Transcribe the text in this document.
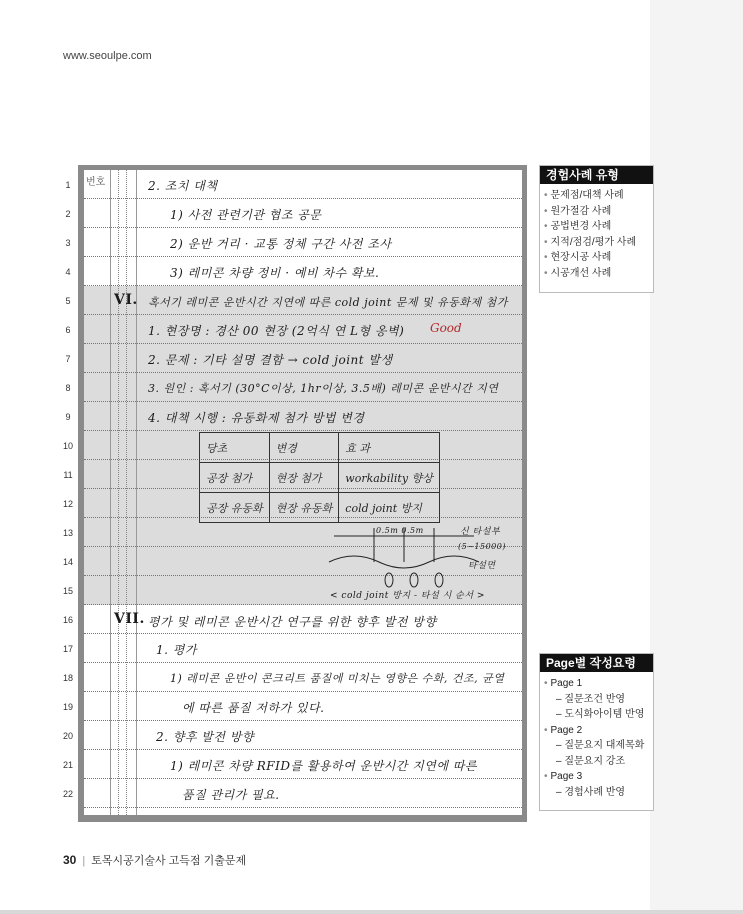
www.seoulpe.com
1
2
3
4
5
6
7
8
9
10
11
12
13
14
15
16
17
18
19
20
21
22
번호	2. 조치 대책
1) 사전 관련기관 협조 공문
2) 운반 거리 · 교통 정체 구간 사전 조사
3) 레미콘 차량 정비 · 예비 차수 확보.
VI. 혹서기 레미콘 운반시간 지연에 따른 cold joint 문제 및 유동화제 첨가
1. 현장명 : 경산 00 현장 (2억식 연 L형 옹벽) Good
2. 문제 : 기타 설명 결함 → cold joint 발생
3. 원인 : 혹서기 (30°C이상, 1hr이상, 3.5배) 레미콘 운반시간 지연
4. 대책 시행 : 유동화제 첨가 방법 변경
당초	변경	효 과
공장 첨가	현장 첨가	workability 향상
공장 유동화	현장 유동화	cold joint 방지
0.5m 0.5m	신 타설부
(5~15000)
타설면
< cold joint 방지 - 타설 시 순서 >
VII. 평가 및 레미콘 운반시간 연구를 위한 향후 발전 방향
1. 평가
1) 레미콘 운반이 콘크리트 품질에 미치는 영향은 수화, 건조, 균열
에 따른 품질 저하가 있다.
2. 향후 발전 방향
1) 레미콘 차량 RFID를 활용하여 운반시간 지연에 따른
품질 관리가 필요.
경험사례 유형
• 문제점/대책 사례
• 원가절감 사례
• 공법변경 사례
• 지적/점검/평가 사례
• 현장시공 사례
• 시공개선 사례
Page별 작성요령
• Page 1
– 질문조건 반영
– 도식화아이템 반영
• Page 2
– 질문요지 대제목화
– 질문요지 강조
• Page 3
– 경험사례 반영
30 | 토목시공기술사 고득점 기출문제
